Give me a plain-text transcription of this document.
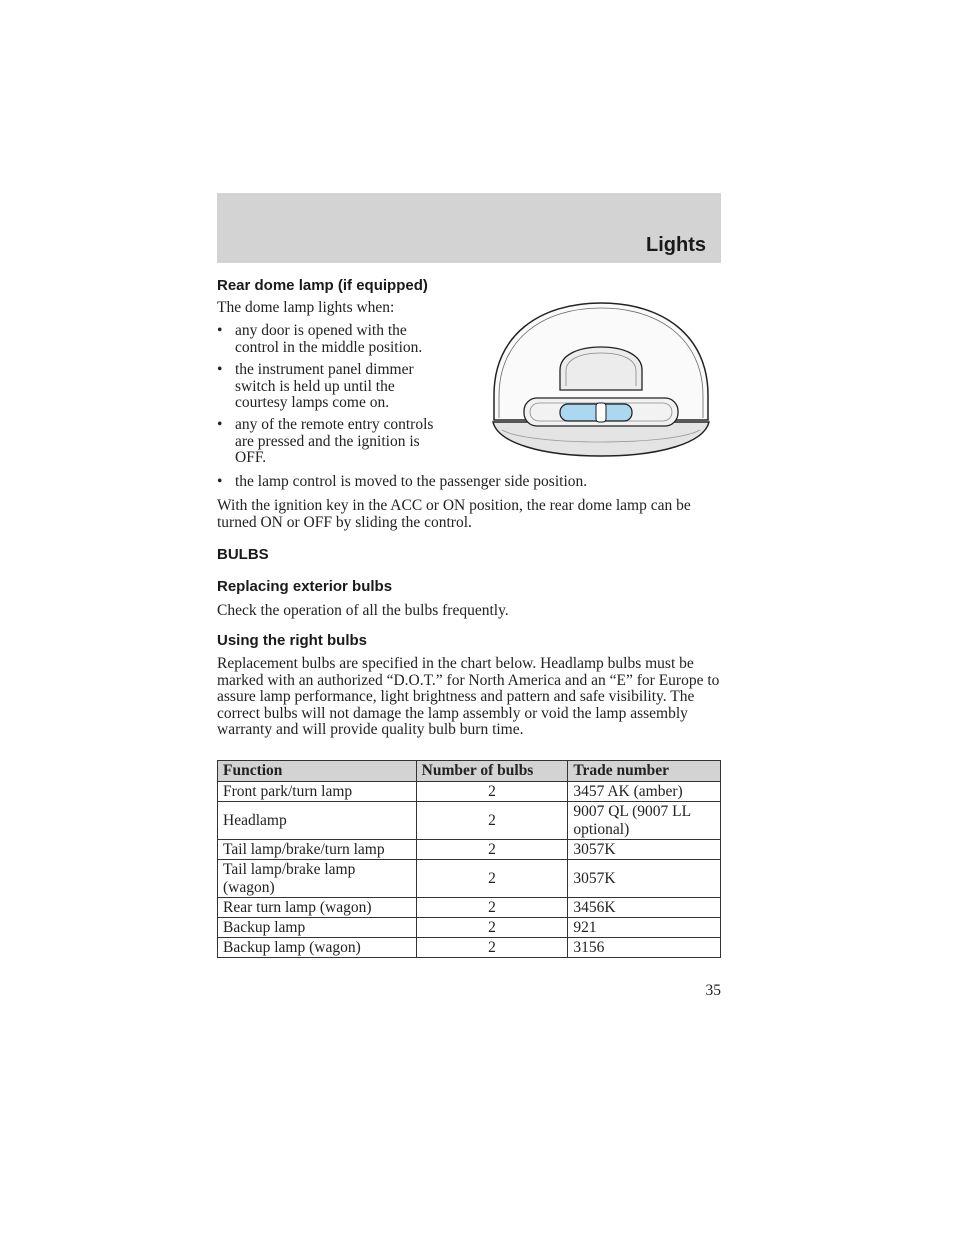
Lights
Rear dome lamp (if equipped)
The dome lamp lights when:
• any door is opened with the
control in the middle position.
• the instrument panel dimmer
switch is held up until the
courtesy lamps come on.
• any of the remote entry controls
are pressed and the ignition is
OFF.
• the lamp control is moved to the passenger side position.
With the ignition key in the ACC or ON position, the rear dome lamp can be turned ON or OFF by sliding the control.
BULBS
Replacing exterior bulbs
Check the operation of all the bulbs frequently.
Using the right bulbs
Replacement bulbs are specified in the chart below. Headlamp bulbs must be marked with an authorized “D.O.T.” for North America and an “E” for Europe to assure lamp performance, light brightness and pattern and safe visibility. The correct bulbs will not damage the lamp assembly or void the lamp assembly warranty and will provide quality bulb burn time.
Function	Number of bulbs	Trade number
Front park/turn lamp	2	3457 AK (amber)
Headlamp	2	9007 QL (9007 LL optional)
Tail lamp/brake/turn lamp	2	3057K
Tail lamp/brake lamp (wagon)	2	3057K
Rear turn lamp (wagon)	2	3456K
Backup lamp	2	921
Backup lamp (wagon)	2	3156
35
